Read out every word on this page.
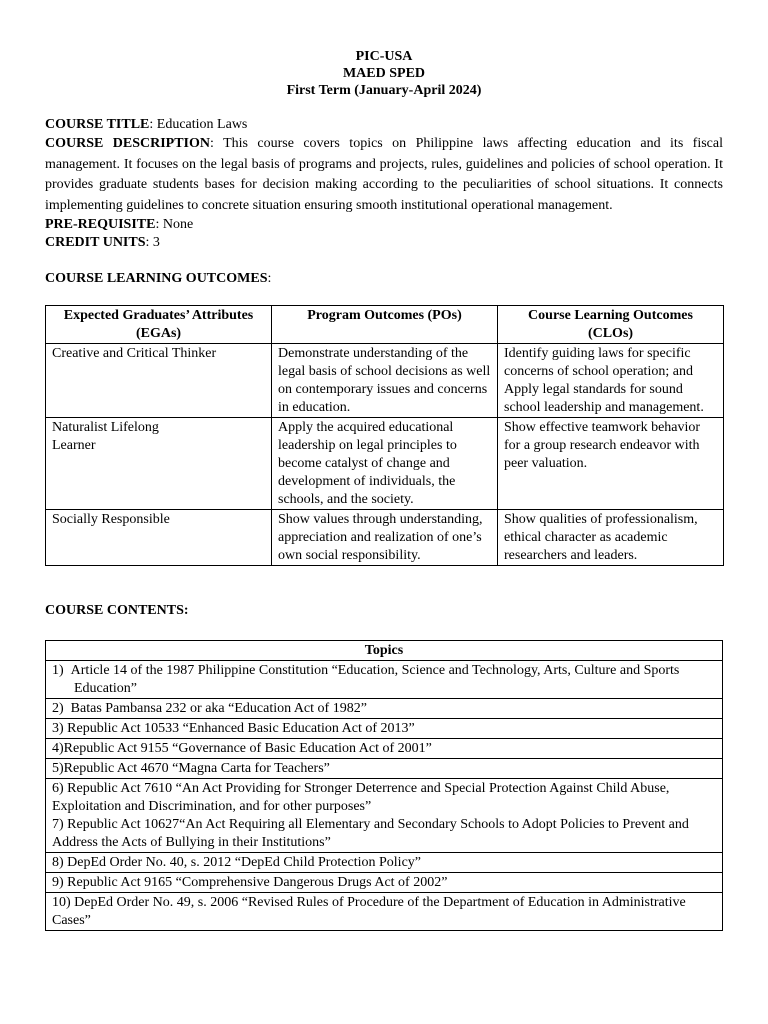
PIC-USA
MAED SPED
First Term (January-April 2024)
COURSE TITLE: Education Laws
COURSE DESCRIPTION: This course covers topics on Philippine laws affecting education and its fiscal management. It focuses on the legal basis of programs and projects, rules, guidelines and policies of school operation. It provides graduate students bases for decision making according to the peculiarities of school situations. It connects implementing guidelines to concrete situation ensuring smooth institutional operational management.
PRE-REQUISITE: None
CREDIT UNITS: 3
COURSE LEARNING OUTCOMES:
Expected Graduates’ Attributes (EGAs)	Program Outcomes (POs)	Course Learning Outcomes (CLOs)
Creative and Critical Thinker	Demonstrate understanding of the legal basis of school decisions as well on contemporary issues and concerns in education.	Identify guiding laws for specific concerns of school operation; and Apply legal standards for sound school leadership and management.
Naturalist Lifelong Learner	Apply the acquired educational leadership on legal principles to become catalyst of change and development of individuals, the schools, and the society.	Show effective teamwork behavior for a group research endeavor with peer valuation.
Socially Responsible	Show values through understanding, appreciation and realization of one’s own social responsibility.	Show qualities of professionalism, ethical character as academic researchers and leaders.
COURSE CONTENTS:
Topics
1)  Article 14 of the 1987 Philippine Constitution “Education, Science and Technology, Arts, Culture and Sports Education”
2)  Batas Pambansa 232 or aka “Education Act of 1982”
3) Republic Act 10533 “Enhanced Basic Education Act of 2013”
4)Republic Act 9155 “Governance of Basic Education Act of 2001”
5)Republic Act 4670 “Magna Carta for Teachers”

6) Republic Act 7610 “An Act Providing for Stronger Deterrence and Special Protection Against Child Abuse, Exploitation and Discrimination, and for other purposes”
7) Republic Act 10627“An Act Requiring all Elementary and Secondary Schools to Adopt Policies to Prevent and Address the Acts of Bullying in their Institutions”

8) DepEd Order No. 40, s. 2012 “DepEd Child Protection Policy”
9) Republic Act 9165 “Comprehensive Dangerous Drugs Act of 2002”
10) DepEd Order No. 49, s. 2006 “Revised Rules of Procedure of the Department of Education in Administrative Cases”
